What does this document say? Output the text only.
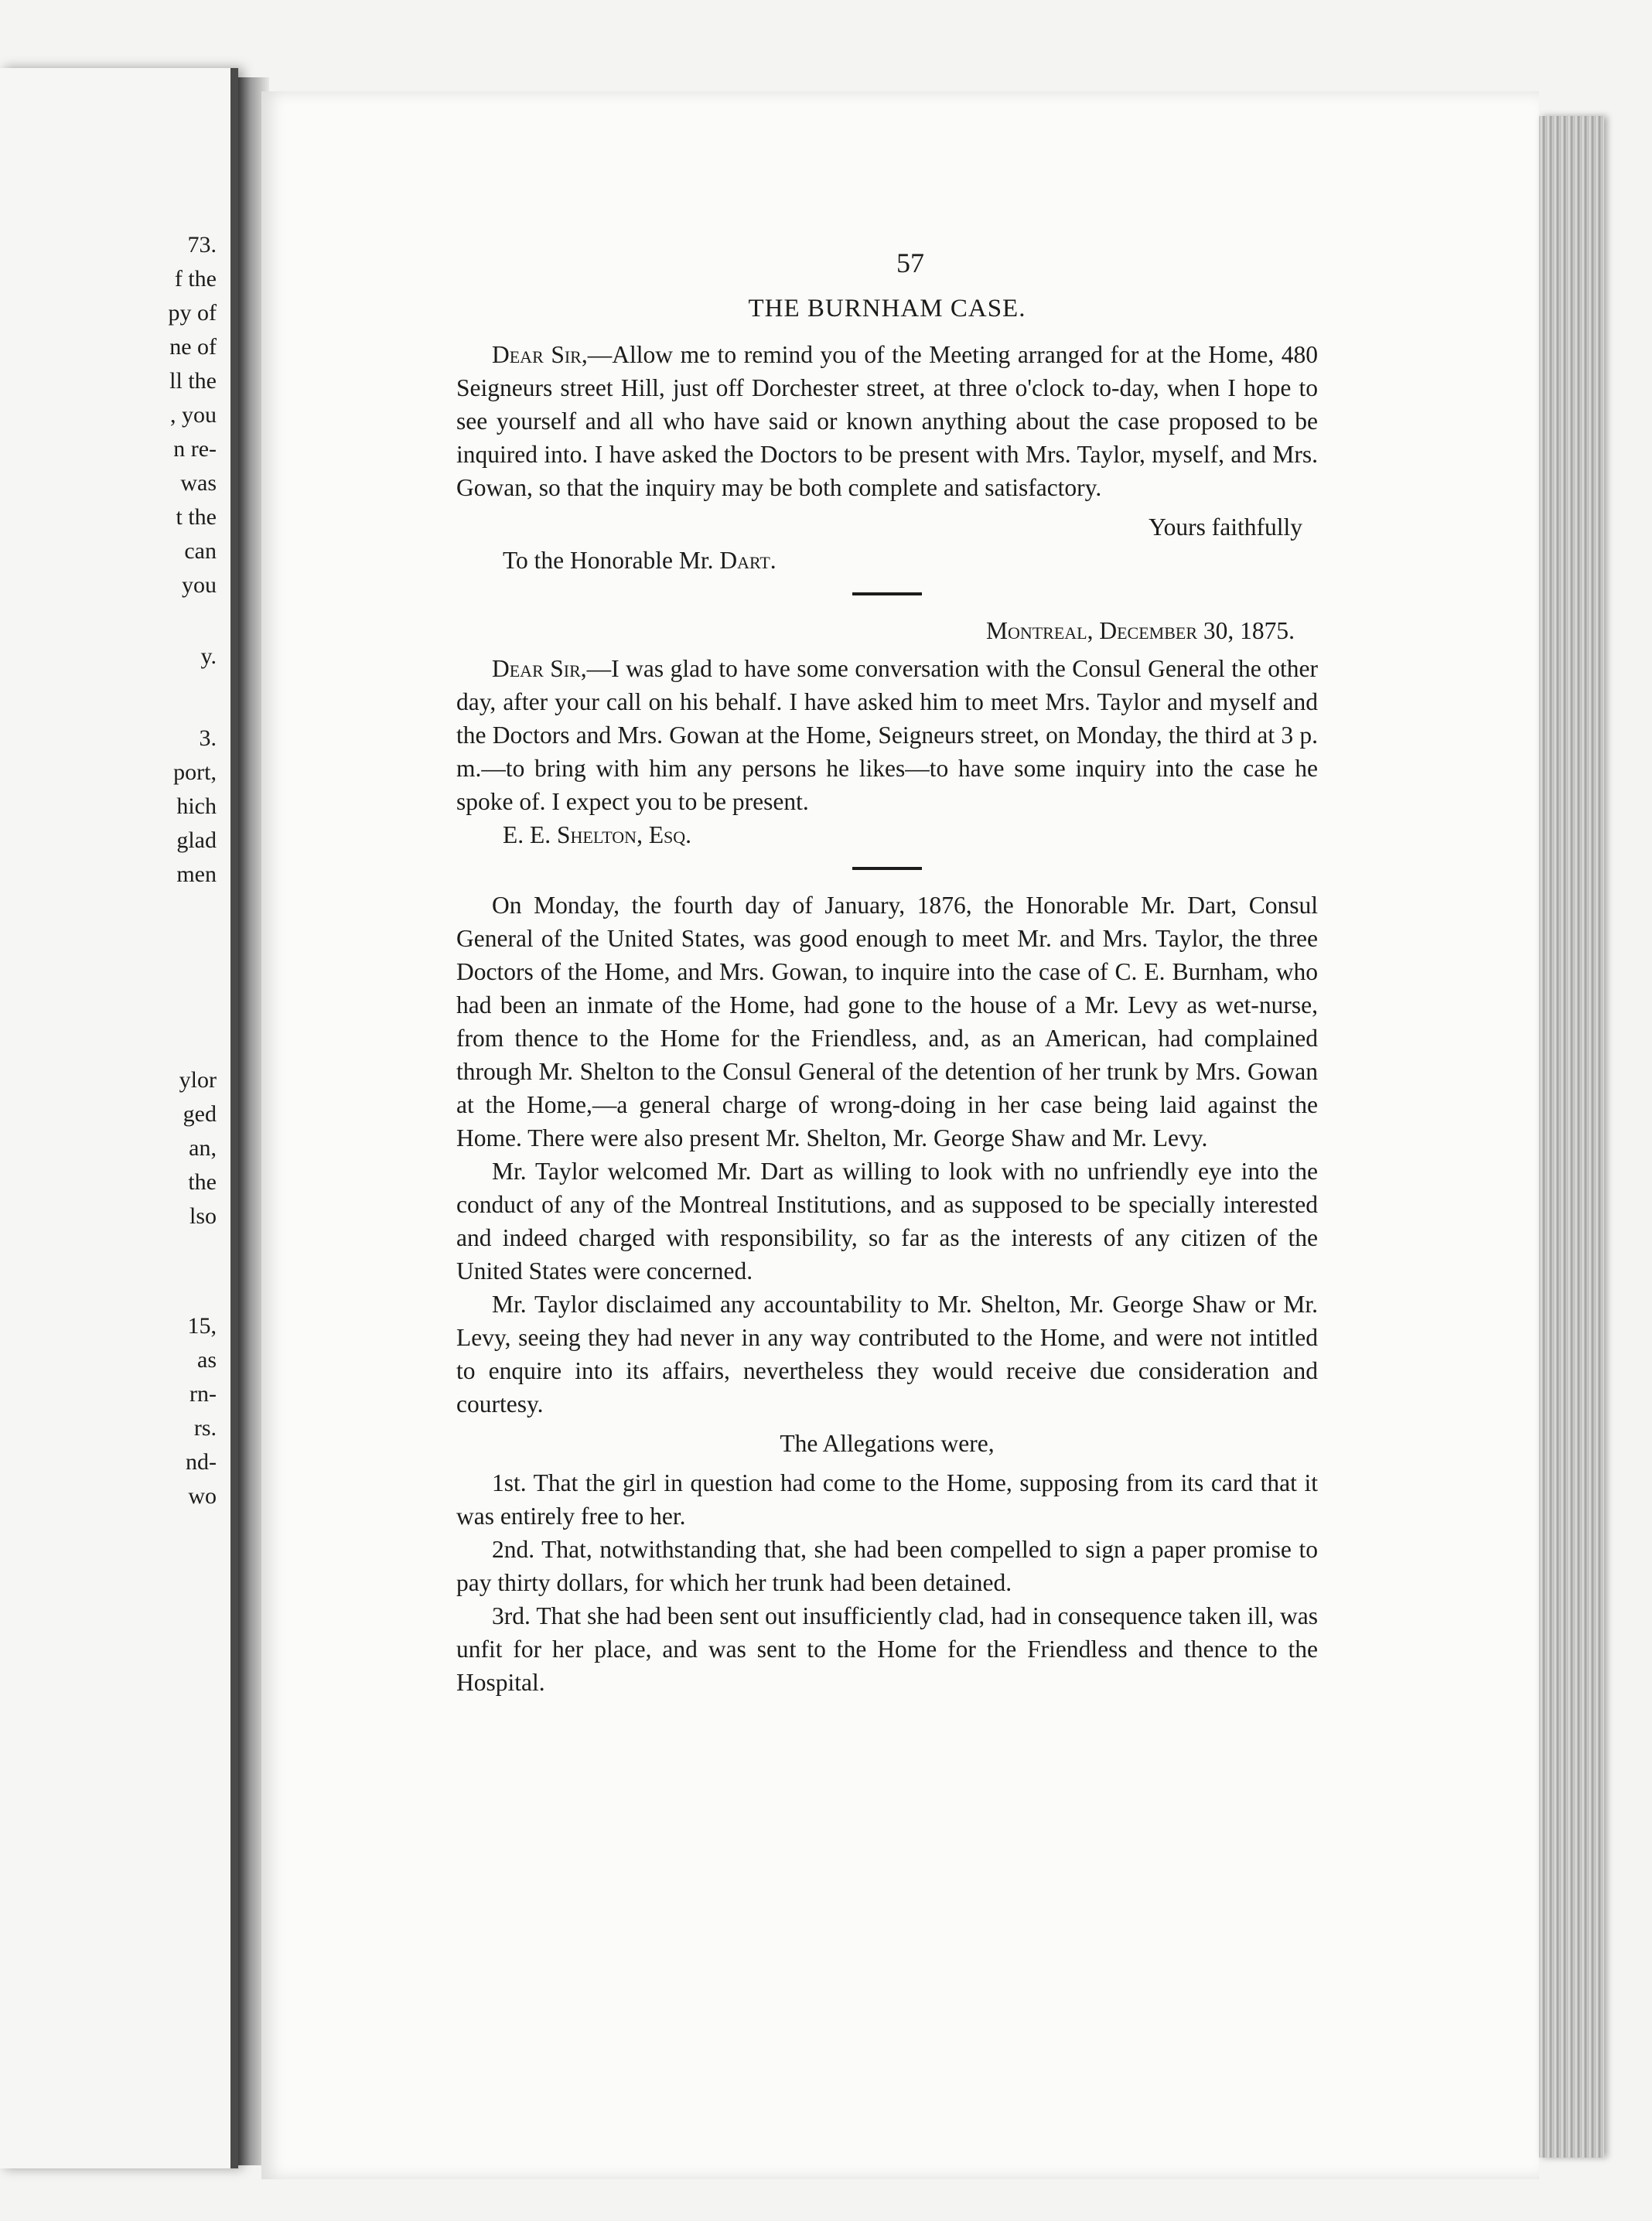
73.
f the
py of
ne of
ll the
, you
n re-
was
t the
can
you
y.
3.
port,
hich
glad
men
ylor
ged
an,
the
lso
15,
as
rn-
rs.
nd-
wo
57
THE BURNHAM CASE.

Dear Sir,—Allow me to remind you of the Meeting arranged for at the Home, 480 Seigneurs street Hill, just off Dorchester street, at three o'clock to-day, when I hope to see yourself and all who have said or known anything about the case proposed to be inquired into. I have asked the Doctors to be present with Mrs. Taylor, myself, and Mrs. Gowan, so that the inquiry may be both complete and satisfactory.

Yours faithfully

To the Honorable Mr. Dart.

Montreal, December 30, 1875.

Dear Sir,—I was glad to have some conversation with the Consul General the other day, after your call on his behalf. I have asked him to meet Mrs. Taylor and myself and the Doctors and Mrs. Gowan at the Home, Seigneurs street, on Monday, the third at 3 p. m.—to bring with him any persons he likes—to have some inquiry into the case he spoke of. I expect you to be present.

E. E. Shelton, Esq.

On Monday, the fourth day of January, 1876, the Honorable Mr. Dart, Consul General of the United States, was good enough to meet Mr. and Mrs. Taylor, the three Doctors of the Home, and Mrs. Gowan, to inquire into the case of C. E. Burnham, who had been an inmate of the Home, had gone to the house of a Mr. Levy as wet-nurse, from thence to the Home for the Friendless, and, as an American, had complained through Mr. Shelton to the Consul General of the detention of her trunk by Mrs. Gowan at the Home,—a general charge of wrong-doing in her case being laid against the Home. There were also present Mr. Shelton, Mr. George Shaw and Mr. Levy.

Mr. Taylor welcomed Mr. Dart as willing to look with no unfriendly eye into the conduct of any of the Montreal Institutions, and as supposed to be specially interested and indeed charged with responsibility, so far as the interests of any citizen of the United States were concerned.

Mr. Taylor disclaimed any accountability to Mr. Shelton, Mr. George Shaw or Mr. Levy, seeing they had never in any way contributed to the Home, and were not intitled to enquire into its affairs, nevertheless they would receive due consideration and courtesy.

The Allegations were,

1st. That the girl in question had come to the Home, supposing from its card that it was entirely free to her.

2nd. That, notwithstanding that, she had been compelled to sign a paper promise to pay thirty dollars, for which her trunk had been detained.

3rd. That she had been sent out insufficiently clad, had in consequence taken ill, was unfit for her place, and was sent to the Home for the Friendless and thence to the Hospital.
